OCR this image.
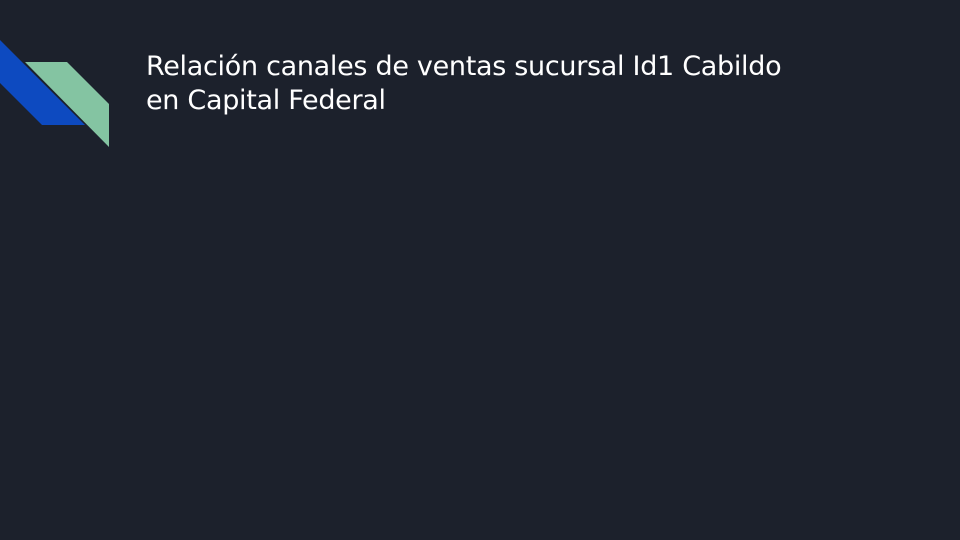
Relación canales de ventas sucursal Id1 Cabildo
en Capital Federal
